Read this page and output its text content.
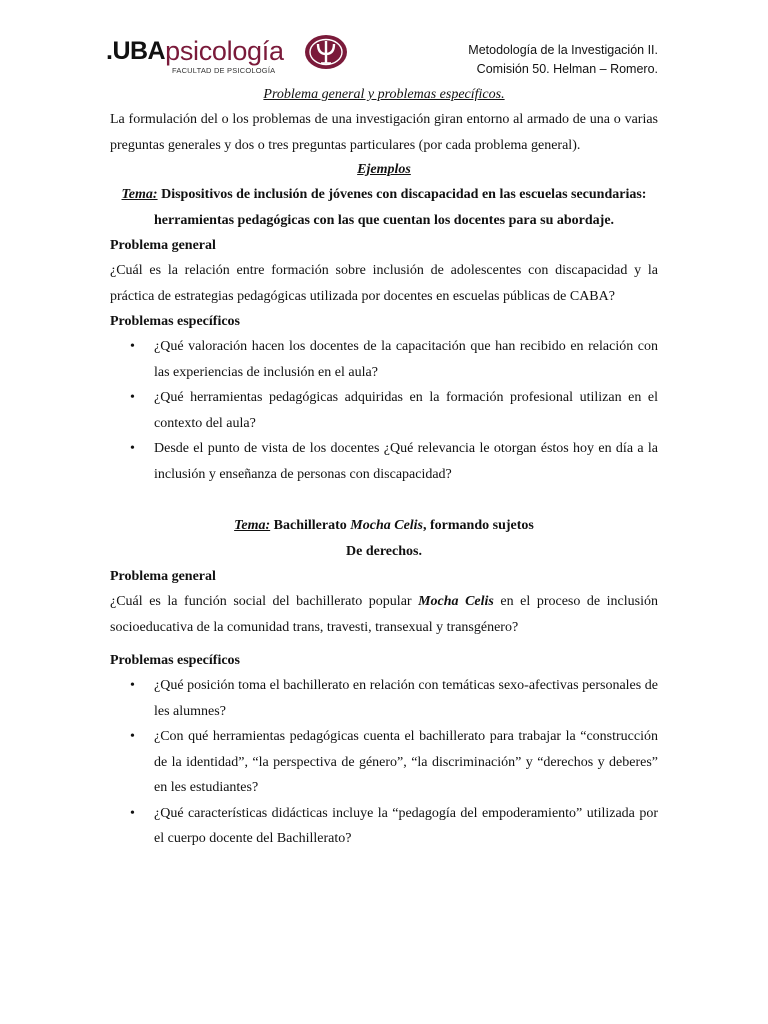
.UBA psicología
FACULTAD DE PSICOLOGÍA
Metodología de la Investigación II.
Comisión 50. Helman – Romero.

Problema general y problemas específicos.

La formulación del o los problemas de una investigación giran entorno al armado de una o varias preguntas generales y dos o tres preguntas particulares (por cada problema general).

Ejemplos

Tema: Dispositivos de inclusión de jóvenes con discapacidad en las escuelas secundarias: herramientas pedagógicas con las que cuentan los docentes para su abordaje.

Problema general

¿Cuál es la relación entre formación sobre inclusión de adolescentes con discapacidad y la práctica de estrategias pedagógicas utilizada por docentes en escuelas públicas de CABA?

Problemas específicos

• ¿Qué valoración hacen los docentes de la capacitación que han recibido en relación con las experiencias de inclusión en el aula?
• ¿Qué herramientas pedagógicas adquiridas en la formación profesional utilizan en el contexto del aula?
• Desde el punto de vista de los docentes ¿Qué relevancia le otorgan éstos hoy en día a la inclusión y enseñanza de personas con discapacidad?

Tema: Bachillerato Mocha Celis, formando sujetos

De derechos.

Problema general

¿Cuál es la función social del bachillerato popular Mocha Celis en el proceso de inclusión socioeducativa de la comunidad trans, travesti, transexual y transgénero?

Problemas específicos

• ¿Qué posición toma el bachillerato en relación con temáticas sexo-afectivas personales de les alumnes?
• ¿Con qué herramientas pedagógicas cuenta el bachillerato para trabajar la “construcción de la identidad”, “la perspectiva de género”, “la discriminación” y “derechos y deberes” en les estudiantes?
• ¿Qué características didácticas incluye la “pedagogía del empoderamiento” utilizada por el cuerpo docente del Bachillerato?
